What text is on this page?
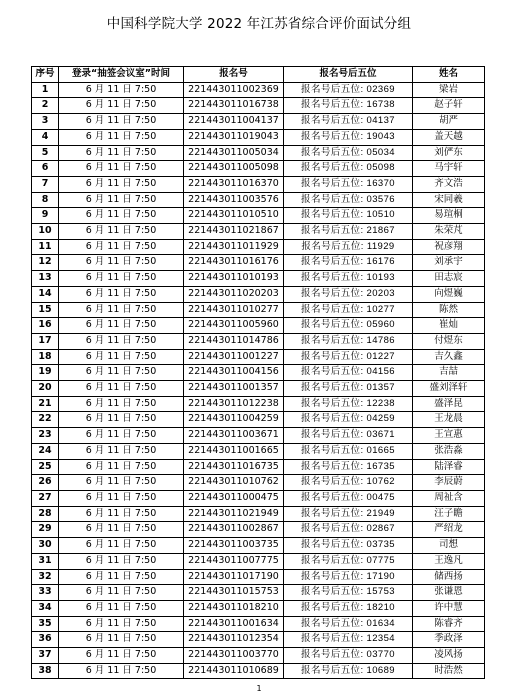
中国科学院大学 2022 年江苏省综合评价面试分组
序号	登录“抽签会议室”时间	报名号	报名号后五位	姓名
1	6 月 11 日 7:50	221443011002369	报名号后五位: 02369	梁岩
2	6 月 11 日 7:50	221443011016738	报名号后五位: 16738	赵子轩
3	6 月 11 日 7:50	221443011004137	报名号后五位: 04137	胡严
4	6 月 11 日 7:50	221443011019043	报名号后五位: 19043	盖天越
5	6 月 11 日 7:50	221443011005034	报名号后五位: 05034	刘俨东
6	6 月 11 日 7:50	221443011005098	报名号后五位: 05098	马宇轩
7	6 月 11 日 7:50	221443011016370	报名号后五位: 16370	齐文浩
8	6 月 11 日 7:50	221443011003576	报名号后五位: 03576	宋同羲
9	6 月 11 日 7:50	221443011010510	报名号后五位: 10510	易瑄桐
10	6 月 11 日 7:50	221443011021867	报名号后五位: 21867	朱荣芃
11	6 月 11 日 7:50	221443011011929	报名号后五位: 11929	祝彦翔
12	6 月 11 日 7:50	221443011016176	报名号后五位: 16176	刘承宇
13	6 月 11 日 7:50	221443011010193	报名号后五位: 10193	田志宸
14	6 月 11 日 7:50	221443011020203	报名号后五位: 20203	向煜巍
15	6 月 11 日 7:50	221443011010277	报名号后五位: 10277	陈然
16	6 月 11 日 7:50	221443011005960	报名号后五位: 05960	崔灿
17	6 月 11 日 7:50	221443011014786	报名号后五位: 14786	付煜东
18	6 月 11 日 7:50	221443011001227	报名号后五位: 01227	吉久鑫
19	6 月 11 日 7:50	221443011004156	报名号后五位: 04156	吉喆
20	6 月 11 日 7:50	221443011001357	报名号后五位: 01357	盛刘泽轩
21	6 月 11 日 7:50	221443011012238	报名号后五位: 12238	盛泽昆
22	6 月 11 日 7:50	221443011004259	报名号后五位: 04259	王龙晨
23	6 月 11 日 7:50	221443011003671	报名号后五位: 03671	王宣惠
24	6 月 11 日 7:50	221443011001665	报名号后五位: 01665	张浩淼
25	6 月 11 日 7:50	221443011016735	报名号后五位: 16735	陆泽睿
26	6 月 11 日 7:50	221443011010762	报名号后五位: 10762	李辰蔚
27	6 月 11 日 7:50	221443011000475	报名号后五位: 00475	周祉含
28	6 月 11 日 7:50	221443011021949	报名号后五位: 21949	汪子瞻
29	6 月 11 日 7:50	221443011002867	报名号后五位: 02867	严绍龙
30	6 月 11 日 7:50	221443011003735	报名号后五位: 03735	司想
31	6 月 11 日 7:50	221443011007775	报名号后五位: 07775	王逸凡
32	6 月 11 日 7:50	221443011017190	报名号后五位: 17190	储西扬
33	6 月 11 日 7:50	221443011015753	报名号后五位: 15753	张谦恩
34	6 月 11 日 7:50	221443011018210	报名号后五位: 18210	许中慧
35	6 月 11 日 7:50	221443011001634	报名号后五位: 01634	陈睿齐
36	6 月 11 日 7:50	221443011012354	报名号后五位: 12354	季政泽
37	6 月 11 日 7:50	221443011003770	报名号后五位: 03770	凌风扬
38	6 月 11 日 7:50	221443011010689	报名号后五位: 10689	时浩然
1
